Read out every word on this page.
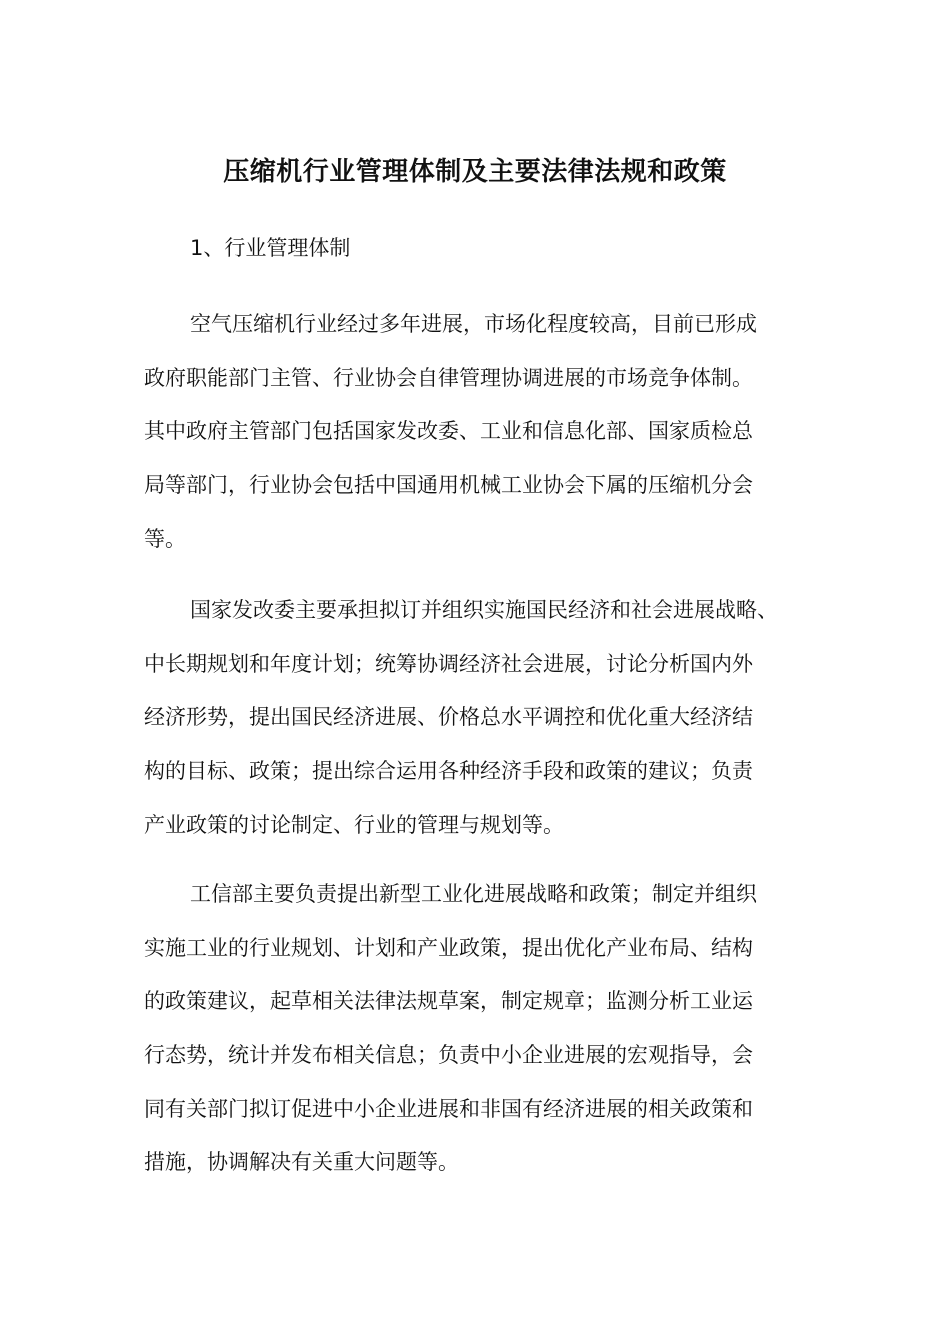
压缩机行业管理体制及主要法律法规和政策

1、行业管理体制

空气压缩机行业经过多年进展，市场化程度较高，目前已形成
政府职能部门主管、行业协会自律管理协调进展的市场竞争体制。
其中政府主管部门包括国家发改委、工业和信息化部、国家质检总
局等部门，行业协会包括中国通用机械工业协会下属的压缩机分会
等。
国家发改委主要承担拟订并组织实施国民经济和社会进展战略、
中长期规划和年度计划；统筹协调经济社会进展，讨论分析国内外
经济形势，提出国民经济进展、价格总水平调控和优化重大经济结
构的目标、政策；提出综合运用各种经济手段和政策的建议；负责
产业政策的讨论制定、行业的管理与规划等。
工信部主要负责提出新型工业化进展战略和政策；制定并组织
实施工业的行业规划、计划和产业政策，提出优化产业布局、结构
的政策建议，起草相关法律法规草案，制定规章；监测分析工业运
行态势，统计并发布相关信息；负责中小企业进展的宏观指导，会
同有关部门拟订促进中小企业进展和非国有经济进展的相关政策和
措施，协调解决有关重大问题等。
